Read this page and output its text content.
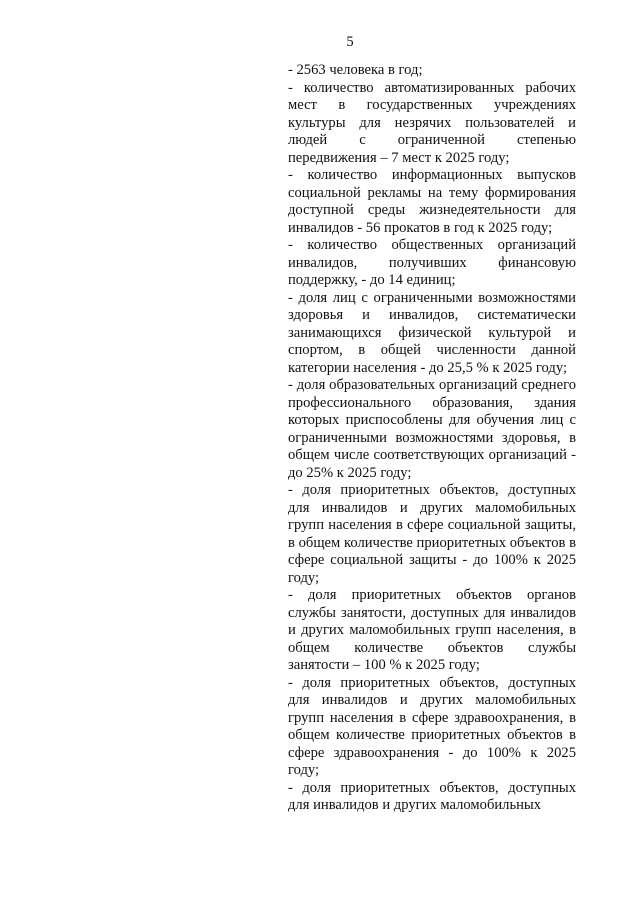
5

- 2563 человека в год;

- количество автоматизированных рабочих мест в государственных учреждениях культуры для незрячих пользователей и людей с ограниченной степенью передвижения – 7 мест к 2025 году;

- количество информационных выпусков социальной рекламы на тему формирования доступной среды жизнедеятельности для инвалидов - 56 прокатов в год к 2025 году;

- количество общественных организаций инвалидов, получивших финансовую поддержку, - до 14 единиц;

- доля лиц с ограниченными возможностями здоровья и инвалидов, систематически занимающихся физической культурой и спортом, в общей численности данной категории населения - до 25,5 % к 2025 году;

- доля образовательных организаций среднего профессионального образования, здания которых приспособлены для обучения лиц с ограниченными возможностями здоровья, в общем числе соответствующих организаций - до 25% к 2025 году;

- доля приоритетных объектов, доступных для инвалидов и других маломобильных групп населения в сфере социальной защиты, в общем количестве приоритетных объектов в сфере социальной защиты - до 100% к 2025 году;

- доля приоритетных объектов органов службы занятости, доступных для инвалидов и других маломобильных групп населения, в общем количестве объектов службы занятости – 100 % к 2025 году;

- доля приоритетных объектов, доступных для инвалидов и других маломобильных групп населения в сфере здравоохранения, в общем количестве приоритетных объектов в сфере здравоохранения - до 100% к 2025 году;

- доля приоритетных объектов, доступных для инвалидов и других маломобильных
